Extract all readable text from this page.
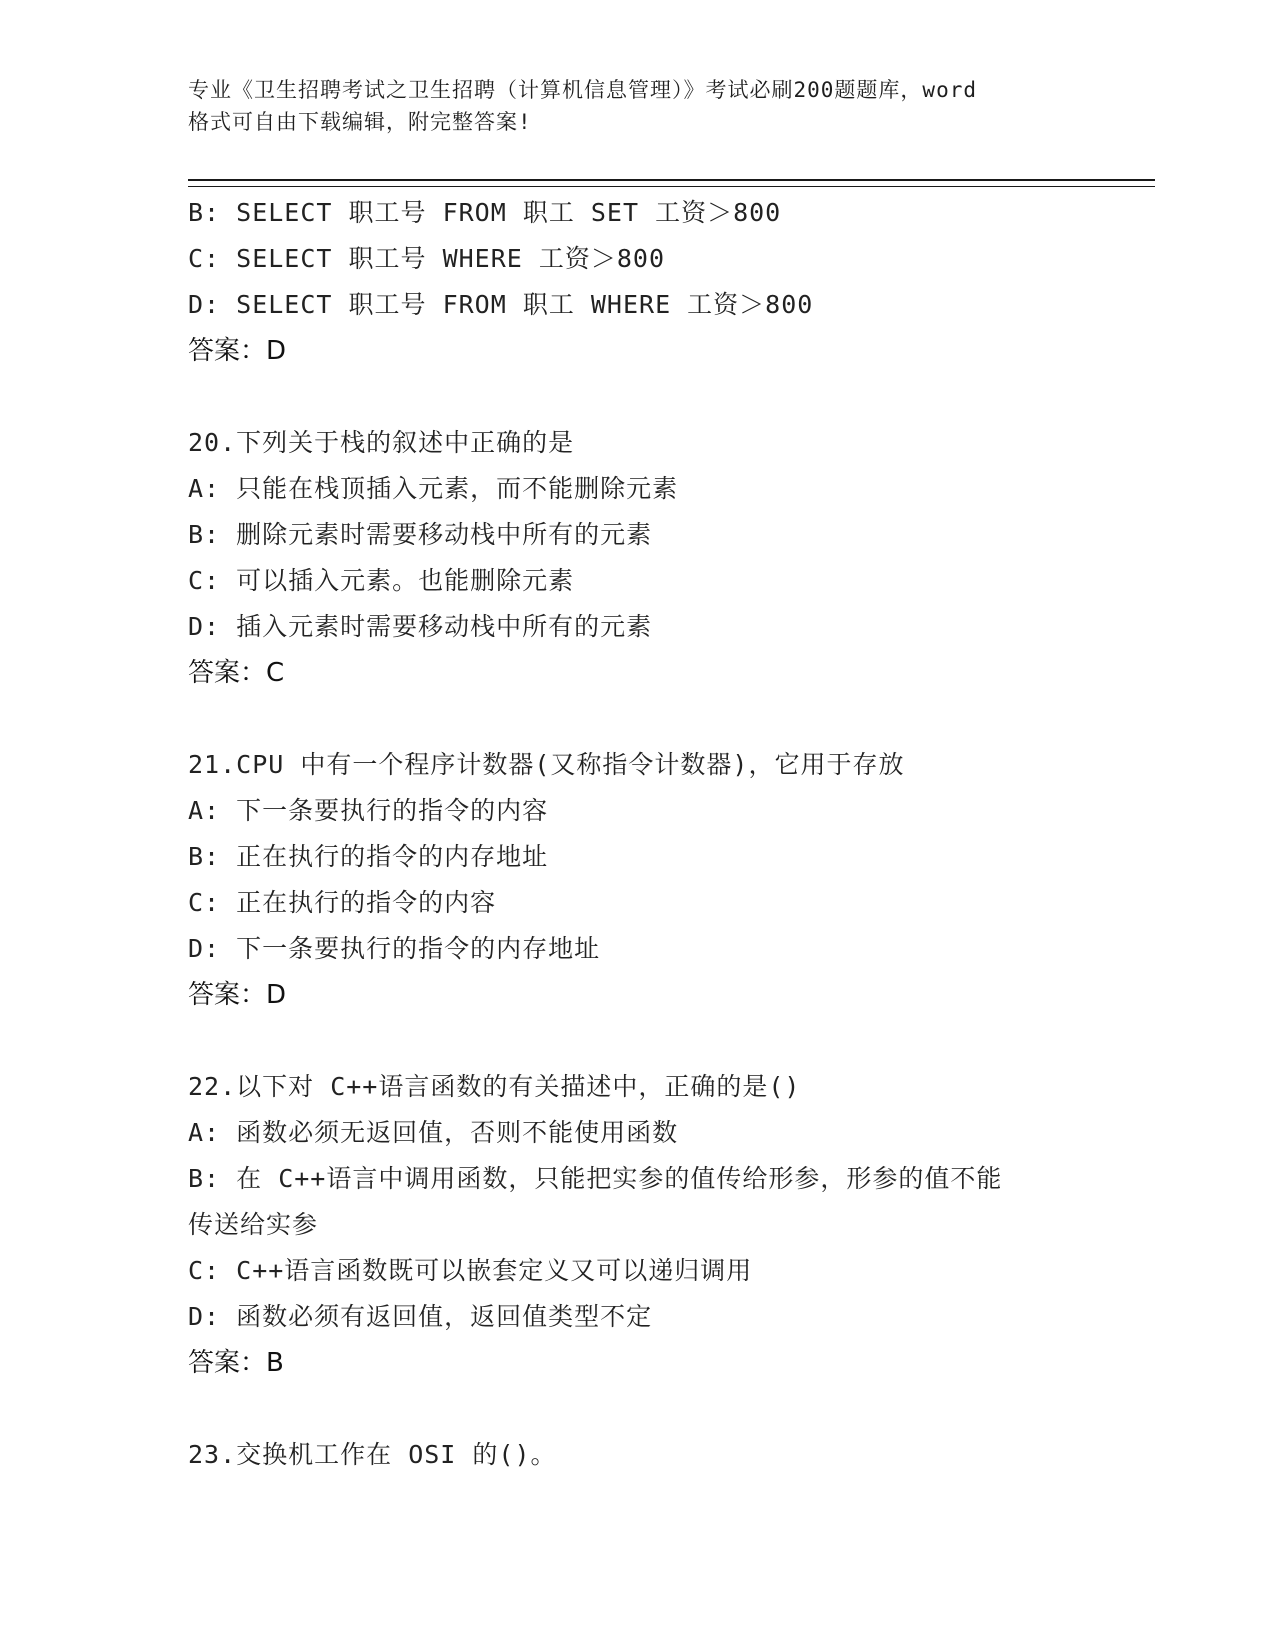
专业《卫生招聘考试之卫生招聘（计算机信息管理）》考试必刷200题题库，word
格式可自由下载编辑，附完整答案!
B: SELECT 职工号 FROM 职工 SET 工资＞800
C: SELECT 职工号 WHERE 工资＞800
D: SELECT 职工号 FROM 职工 WHERE 工资＞800
答案：D
20.下列关于栈的叙述中正确的是
A: 只能在栈顶插入元素，而不能删除元素
B: 删除元素时需要移动栈中所有的元素
C: 可以插入元素。也能删除元素
D: 插入元素时需要移动栈中所有的元素
答案：C
21.CPU 中有一个程序计数器(又称指令计数器)，它用于存放
A: 下一条要执行的指令的内容
B: 正在执行的指令的内存地址
C: 正在执行的指令的内容
D: 下一条要执行的指令的内存地址
答案：D
22.以下对 C++语言函数的有关描述中，正确的是()
A: 函数必须无返回值，否则不能使用函数
B: 在 C++语言中调用函数，只能把实参的值传给形参，形参的值不能
传送给实参
C: C++语言函数既可以嵌套定义又可以递归调用
D: 函数必须有返回值，返回值类型不定
答案：B
23.交换机工作在 OSI 的()。
